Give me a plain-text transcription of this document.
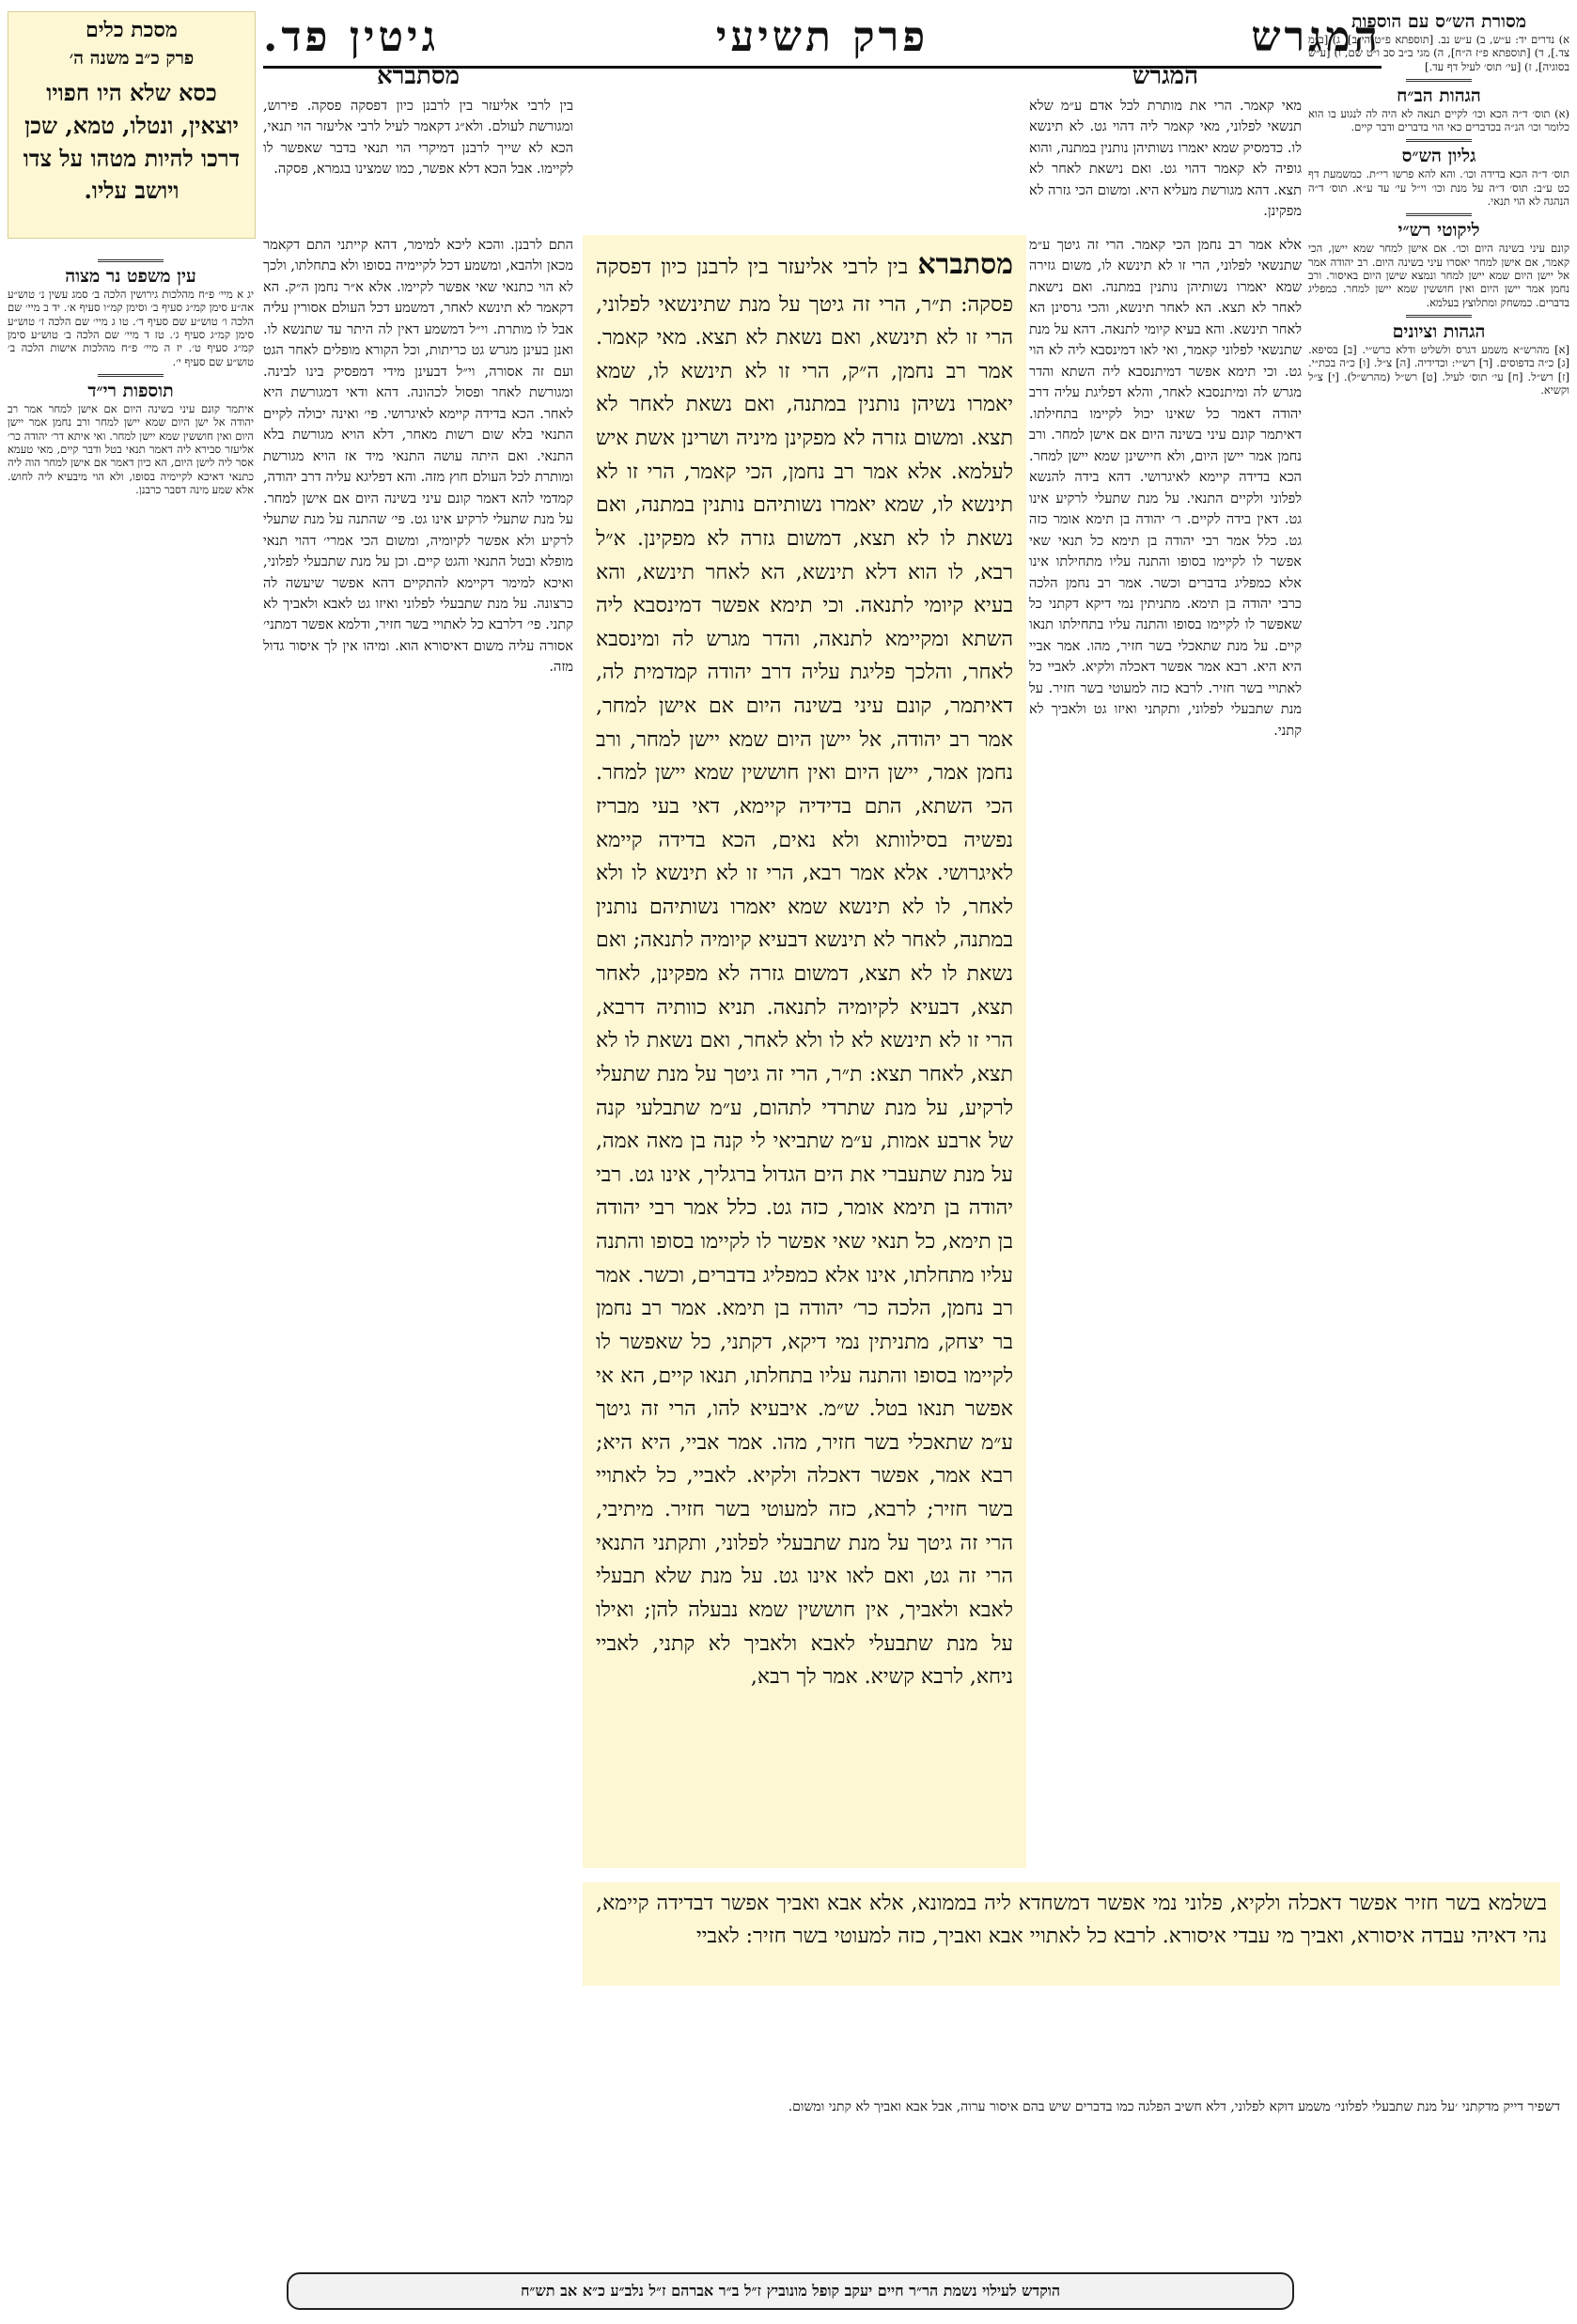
המגרש
פרק תשיעי
גיטין פד.	מסורת הש״ס עם הוספות
א) נדרים יד: ע״ש, ב) ע״ש נב. [תוספתא פ״ט הי״ב], ג) [ב״מ צד.], ד) [תוספתא פ״ז ה״ח], ה) מגי ב״ב סב ו״ט שם, ו) [ע״ש בסוגיה], ז) [עי׳ תוס׳ לעיל דף עד.]
הגהות הב״ח
(א) תוס׳ ד״ה הכא וכו׳ לקיים תנאה לא היה לה לנגוע בו הוא כלומר וכו׳ הנ״ה בכדברים כאי הוי בדברים ודבר קיים.
גליון הש״ס
תוס׳ ד״ה הכא בדידה וכו׳. והא להא פרשו רי״ת. כמשמעת דף כט ע״ב: תוס׳ ד״ה על מנת וכו׳ וי״ל עי׳ עד ע״א. תוס׳ ד״ה הנהגה לא הוי תנאי.
ליקוטי רש״י
קונם עיני בשינה היום וכו׳. אם אישן למחר שמא יישן, הכי קאמר, אם אישן למחר יאסרו עיני בשינה היום. רב יהודה אמר אל יישן היום שמא יישן למחר ונמצא שישן היום באיסור. ורב נחמן אמר יישן היום ואין חוששין שמא יישן למחר. כמפליג בדברים. כמשחק ומתלוצץ בעלמא.
הגהות וציונים
[א] מהרש״א משמע דגרס ולשליט ודלא כרש״י. [ב] בסיפא. [ג] כ״ה בדפוסים. [ד] רש״י: וכדידיה. [ה] צ״ל. [ו] כ״ה בכת״י. [ז] רש״ל. [ח] עי׳ תוס׳ לעיל. [ט] רש״ל (מהרש״ל). [י] צ״ל וקשיא.
מסכת כלים
פרק כ״ב משנה ה׳
כסא שלא היו חפויו יוצאין, ונטלו, טמא, שכן דרכו להיות מטהו על צדו ויושב עליו.
עין משפט נר מצוה
יג א מיי׳ פ״ח מהלכות גירושין הלכה ב׳ סמג עשין נ׳ טוש״ע אה״ע סימן קמ״ג סעיף ב׳ וסימן קמ״ו סעיף א׳. יד ב מיי׳ שם הלכה ו׳ טוש״ע שם סעיף ד׳. טו ג מיי׳ שם הלכה ז׳ טוש״ע סימן קמ״ג סעיף ג׳. טז ד מיי׳ שם הלכה ב׳ טוש״ע סימן קמ״ג סעיף ט׳. יז ה מיי׳ פ״ח מהלכות אישות הלכה ב׳ טוש״ע שם סעיף י׳.
תוספות רי״ד
איתמר קונם עיני בשינה היום אם אישן למחר אמר רב יהודה אל ישן היום שמא יישן למחר ורב נחמן אמר יישן היום ואין חוששין שמא יישן למחר. ואי איתא דר׳ יהודה כר׳ אליעזר סבירא ליה דאמר תנאי בטל ודבר קיים, מאי טעמא אסר ליה לישן היום, הא כיון דאמר אם אישן למחר הוה ליה כתנאי דאיכא לקיימיה בסופו, ולא הוי מיבעיא ליה לחוש. אלא שמע מינה דסבר כרבנן.
המגרש
מאי קאמר. הרי את מותרת לכל אדם ע״מ שלא תנשאי לפלוני, מאי קאמר ליה דהוי גט. לא תינשא לו. כדמסיק שמא יאמרו נשותיהן נותנין במתנה, והוא גופיה לא קאמר דהוי גט. ואם נישאת לאחר לא תצא. דהא מגורשת מעליא היא. ומשום הכי גזרה לא מפקינן.
אלא אמר רב נחמן הכי קאמר. הרי זה גיטך ע״מ שתנשאי לפלוני, הרי זו לא תינשא לו, משום גזירה שמא יאמרו נשותיהן נותנין במתנה. ואם נישאת לאחר לא תצא. הא לאחר תינשא, והכי גרסינן הא לאחר תינשא. והא בעיא קיומי לתנאה. דהא על מנת שתנשאי לפלוני קאמר, ואי לאו דמינסבא ליה לא הוי גט. וכי תימא אפשר דמיתנסבא ליה השתא והדר מגרש לה ומיתנסבא לאחר, והלא דפליגת עליה דרב יהודה דאמר כל שאינו יכול לקיימו בתחילתו. דאיתמר קונם עיני בשינה היום אם אישן למחר. ורב נחמן אמר יישן היום, ולא חיישינן שמא יישן למחר. הכא בדידה קיימא לאיגרושי. דהא בידה להנשא לפלוני ולקיים התנאי. על מנת שתעלי לרקיע אינו גט. דאין בידה לקיים. ר׳ יהודה בן תימא אומר כזה גט. כלל אמר רבי יהודה בן תימא כל תנאי שאי אפשר לו לקיימו בסופו והתנה עליו מתחילתו אינו אלא כמפליג בדברים וכשר. אמר רב נחמן הלכה כרבי יהודה בן תימא. מתניתין נמי דיקא דקתני כל שאפשר לו לקיימו בסופו והתנה עליו בתחילתו תנאו קיים. על מנת שתאכלי בשר חזיר, מהו. אמר אביי היא היא. רבא אמר אפשר דאכלה ולקיא. לאביי כל לאתויי בשר חזיר. לרבא כזה למעוטי בשר חזיר. על מנת שתבעלי לפלוני, ותקתני ואיזו גט ולאביך לא קתני.
מסתברא
בין לרבי אליעזר בין לרבנן כיון דפסקה פסקה. פירוש, ומגורשת לעולם. ולא״ג דקאמר לעיל לרבי אליעזר הוי תנאי, הכא לא שייך לרבנן דמיקרי הוי תנאי בדבר שאפשר לו לקיימו. אבל הכא דלא אפשר, כמו שמצינו בגמרא, פסקה.
התם לרבנן. והכא ליכא למימר, דהא קייתני התם דקאמר מכאן ולהבא, ומשמע דכל לקיימיה בסופו ולא בתחלתו, ולכך לא הוי כתנאי שאי אפשר לקיימו. אלא א״ר נחמן ה״ק. הא דקאמר לא תינשא לאחר, דמשמע דכל העולם אסורין עליה אבל לו מותרת. וי״ל דמשמע דאין לה היתר עד שתנשא לו. ואנן בעינן מגרש גט כריתות, וכל הקורא מופלים לאחר הגט ועם זה אסורה, וי״ל דבעינן מידי דמפסיק בינו לבינה. ומגורשת לאחר ופסול לכהונה. דהא ודאי דמגורשת היא לאחר. הכא בדידה קיימא לאיגרושי. פי׳ ואינה יכולה לקיים התנאי בלא שום רשות מאחר, דלא הויא מגורשת בלא התנאי. ואם היתה עושה התנאי מיד אז הויא מגורשת ומותרת לכל העולם חוץ מזה. והא דפליגא עליה דרב יהודה, קמדמי להא דאמר קונם עיני בשינה היום אם אישן למחר. על מנת שתעלי לרקיע אינו גט. פי׳ שהתנה על מנת שתעלי לרקיע ולא אפשר לקיומיה, ומשום הכי אמרי׳ דהוי תנאי מופלא ובטל התנאי והגט קיים. וכן על מנת שתבעלי לפלוני, ואיכא למימר דקיימא להתקיים דהא אפשר שיעשה לה כרצונה. על מנת שתבעלי לפלוני ואיזו גט לאבא ולאביך לא קתני. פי׳ דלרבא כל לאתויי בשר חזיר, ודלמא אפשר דמתני׳ אסורה עליה משום דאיסורא הוא. ומיהו אין לך איסור גדול מזה.
מסתברא בין לרבי אליעזר בין לרבנן כיון דפסקה פסקה: ת״ר, הרי זה גיטך על מנת שתינשאי לפלוני, הרי זו לא תינשא, ואם נשאת לא תצא. מאי קאמר. אמר רב נחמן, ה״ק, הרי זו לא תינשא לו, שמא יאמרו נשיהן נותנין במתנה, ואם נשאת לאחר לא תצא. ומשום גזרה לא מפקינן מיניה ושרינן אשת איש לעלמא. אלא אמר רב נחמן, הכי קאמר, הרי זו לא תינשא לו, שמא יאמרו נשותיהם נותנין במתנה, ואם נשאת לו לא תצא, דמשום גזרה לא מפקינן. א״ל רבא, לו הוא דלא תינשא, הא לאחר תינשא, והא בעיא קיומי לתנאה. וכי תימא אפשר דמינסבא ליה השתא ומקיימא לתנאה, והדר מגרש לה ומינסבא לאחר, והלכך פליגת עליה דרב יהודה קמדמית לה, דאיתמר, קונם עיני בשינה היום אם אישן למחר, אמר רב יהודה, אל יישן היום שמא יישן למחר, ורב נחמן אמר, יישן היום ואין חוששין שמא יישן למחר. הכי השתא, התם בדידיה קיימא, דאי בעי מבריז נפשיה בסילוותא ולא נאים, הכא בדידה קיימא לאיגרושי. אלא אמר רבא, הרי זו לא תינשא לו ולא לאחר, לו לא תינשא שמא יאמרו נשותיהם נותנין במתנה, לאחר לא תינשא דבעיא קיומיה לתנאה; ואם נשאת לו לא תצא, דמשום גזרה לא מפקינן, לאחר תצא, דבעיא לקיומיה לתנאה. תניא כוותיה דרבא, הרי זו לא תינשא לא לו ולא לאחר, ואם נשאת לו לא תצא, לאחר תצא: ת״ר, הרי זה גיטך על מנת שתעלי לרקיע, על מנת שתרדי לתהום, ע״מ שתבלעי קנה של ארבע אמות, ע״מ שתביאי לי קנה בן מאה אמה, על מנת שתעברי את הים הגדול ברגליך, אינו גט. רבי יהודה בן תימא אומר, כזה גט. כלל אמר רבי יהודה בן תימא, כל תנאי שאי אפשר לו לקיימו בסופו והתנה עליו מתחלתו, אינו אלא כמפליג בדברים, וכשר. אמר רב נחמן, הלכה כר׳ יהודה בן תימא. אמר רב נחמן בר יצחק, מתניתין נמי דיקא, דקתני, כל שאפשר לו לקיימו בסופו והתנה עליו בתחלתו, תנאו קיים, הא אי אפשר תנאו בטל. ש״מ. איבעיא להו, הרי זה גיטך ע״מ שתאכלי בשר חזיר, מהו. אמר אביי, היא היא; רבא אמר, אפשר דאכלה ולקיא. לאביי, כל לאתויי בשר חזיר; לרבא, כזה למעוטי בשר חזיר. מיתיבי, הרי זה גיטך על מנת שתבעלי לפלוני, ותקתני התנאי הרי זה גט, ואם לאו אינו גט. על מנת שלא תבעלי לאבא ולאביך, אין חוששין שמא נבעלה להן; ואילו על מנת שתבעלי לאבא ולאביך לא קתני, לאביי ניחא, לרבא קשיא. אמר לך רבא,
בשלמא בשר חזיר אפשר דאכלה ולקיא, פלוני נמי אפשר דמשחדא ליה בממונא, אלא אבא ואביך אפשר דבדידה קיימא, נהי דאיהי עבדה איסורא, ואביך מי עבדי איסורא. לרבא כל לאתויי אבא ואביך, כזה למעוטי בשר חזיר: לאביי
דשפיר דייק מדקתני ׳על מנת שתבעלי לפלוני׳ משמע דוקא לפלוני, דלא חשיב הפלגה כמו בדברים שיש בהם איסור ערוה, אבל אבא ואביך לא קתני ומשום.
הוקדש לעילוי נשמת הר״ר חיים יעקב קופל מונוביץ ז״ל ב״ר אברהם ז״ל נלב״ע כ״א אב תש״ח
